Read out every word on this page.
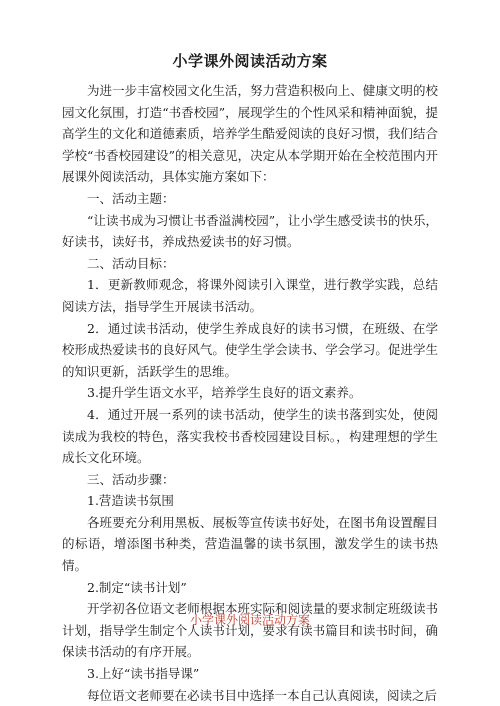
小学课外阅读活动方案

为进一步丰富校园文化生活，努力营造积极向上、健康文明的校园文化氛围，打造“书香校园”，展现学生的个性风采和精神面貌，提高学生的文化和道德素质，培养学生酷爱阅读的良好习惯，我们结合学校“书香校园建设”的相关意见，决定从本学期开始在全校范围内开展课外阅读活动，具体实施方案如下：

一、活动主题：

“让读书成为习惯让书香溢满校园”，让小学生感受读书的快乐，好读书，读好书，养成热爱读书的好习惯。

二、活动目标：

1．更新教师观念，将课外阅读引入课堂，进行教学实践，总结阅读方法，指导学生开展读书活动。

2．通过读书活动，使学生养成良好的读书习惯，在班级、在学校形成热爱读书的良好风气。使学生学会读书、学会学习。促进学生的知识更新，活跃学生的思维。

3.提升学生语文水平，培养学生良好的语文素养。

4．通过开展一系列的读书活动，使学生的读书落到实处，使阅读成为我校的特色，落实我校书香校园建设目标。，构建理想的学生成长文化环境。

三、活动步骤：

1.营造读书氛围

各班要充分利用黑板、展板等宣传读书好处，在图书角设置醒目的标语，增添图书种类，营造温馨的读书氛围，激发学生的读书热情。

2.制定“读书计划”

开学初各位语文老师根据本班实际和阅读量的要求制定班级读书计划，指导学生制定个人读书计划，要求有读书篇目和读书时间，确保读书活动的有序开展。

3.上好“读书指导课”

每位语文老师要在必读书目中选择一本自己认真阅读，阅读之后

小学课外阅读活动方案
